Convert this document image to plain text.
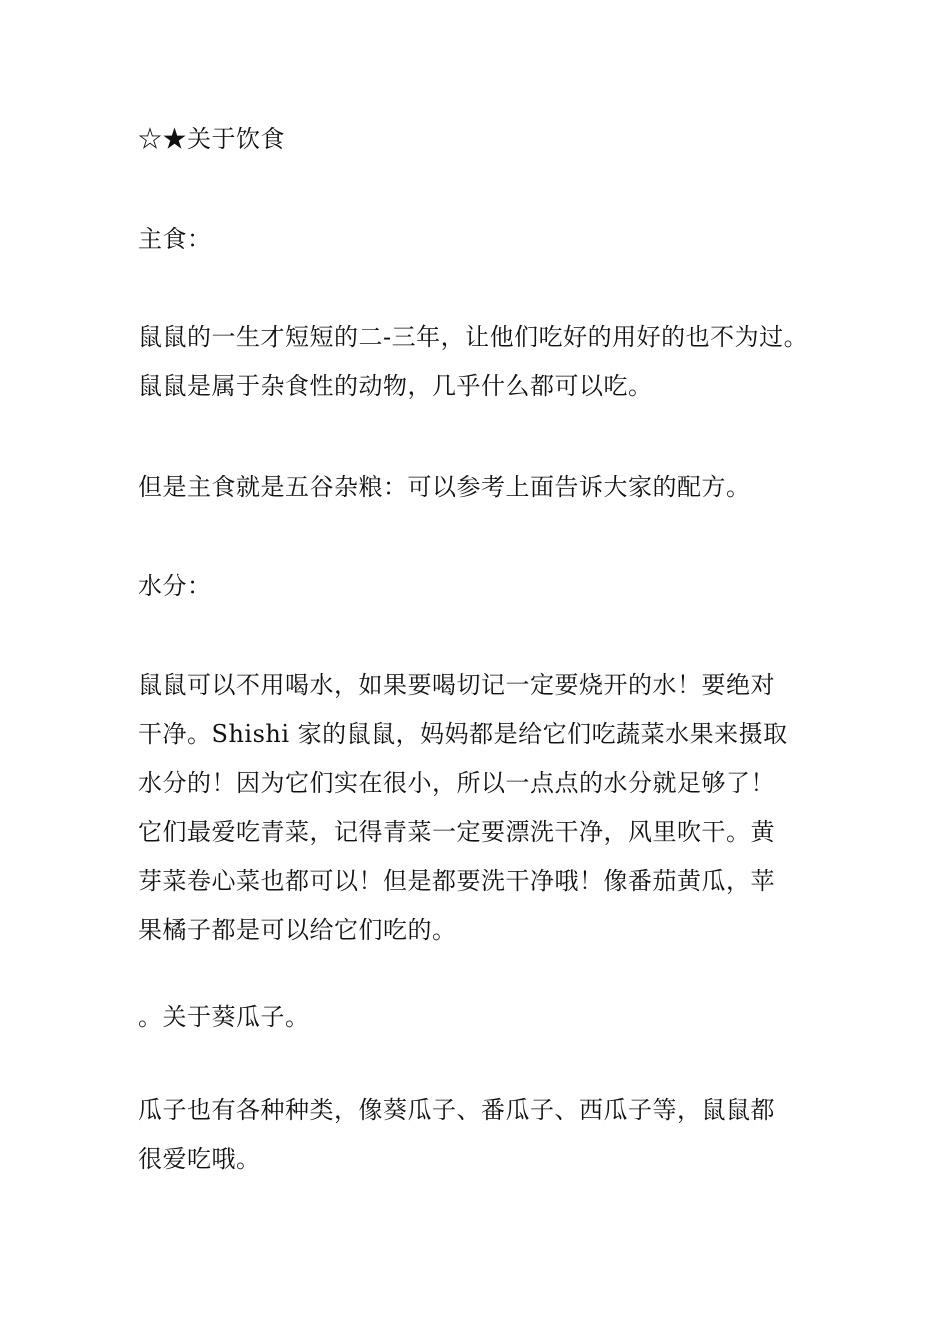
☆★关于饮食
主食：
鼠鼠的一生才短短的二-三年，让他们吃好的用好的也不为过。
鼠鼠是属于杂食性的动物，几乎什么都可以吃。
但是主食就是五谷杂粮：可以参考上面告诉大家的配方。
水分：
鼠鼠可以不用喝水，如果要喝切记一定要烧开的水！要绝对
干净。Shishi 家的鼠鼠，妈妈都是给它们吃蔬菜水果来摄取
水分的！因为它们实在很小，所以一点点的水分就足够了！
它们最爱吃青菜，记得青菜一定要漂洗干净，风里吹干。黄
芽菜卷心菜也都可以！但是都要洗干净哦！像番茄黄瓜，苹
果橘子都是可以给它们吃的。
。关于葵瓜子。
瓜子也有各种种类，像葵瓜子、番瓜子、西瓜子等，鼠鼠都
很爱吃哦。
